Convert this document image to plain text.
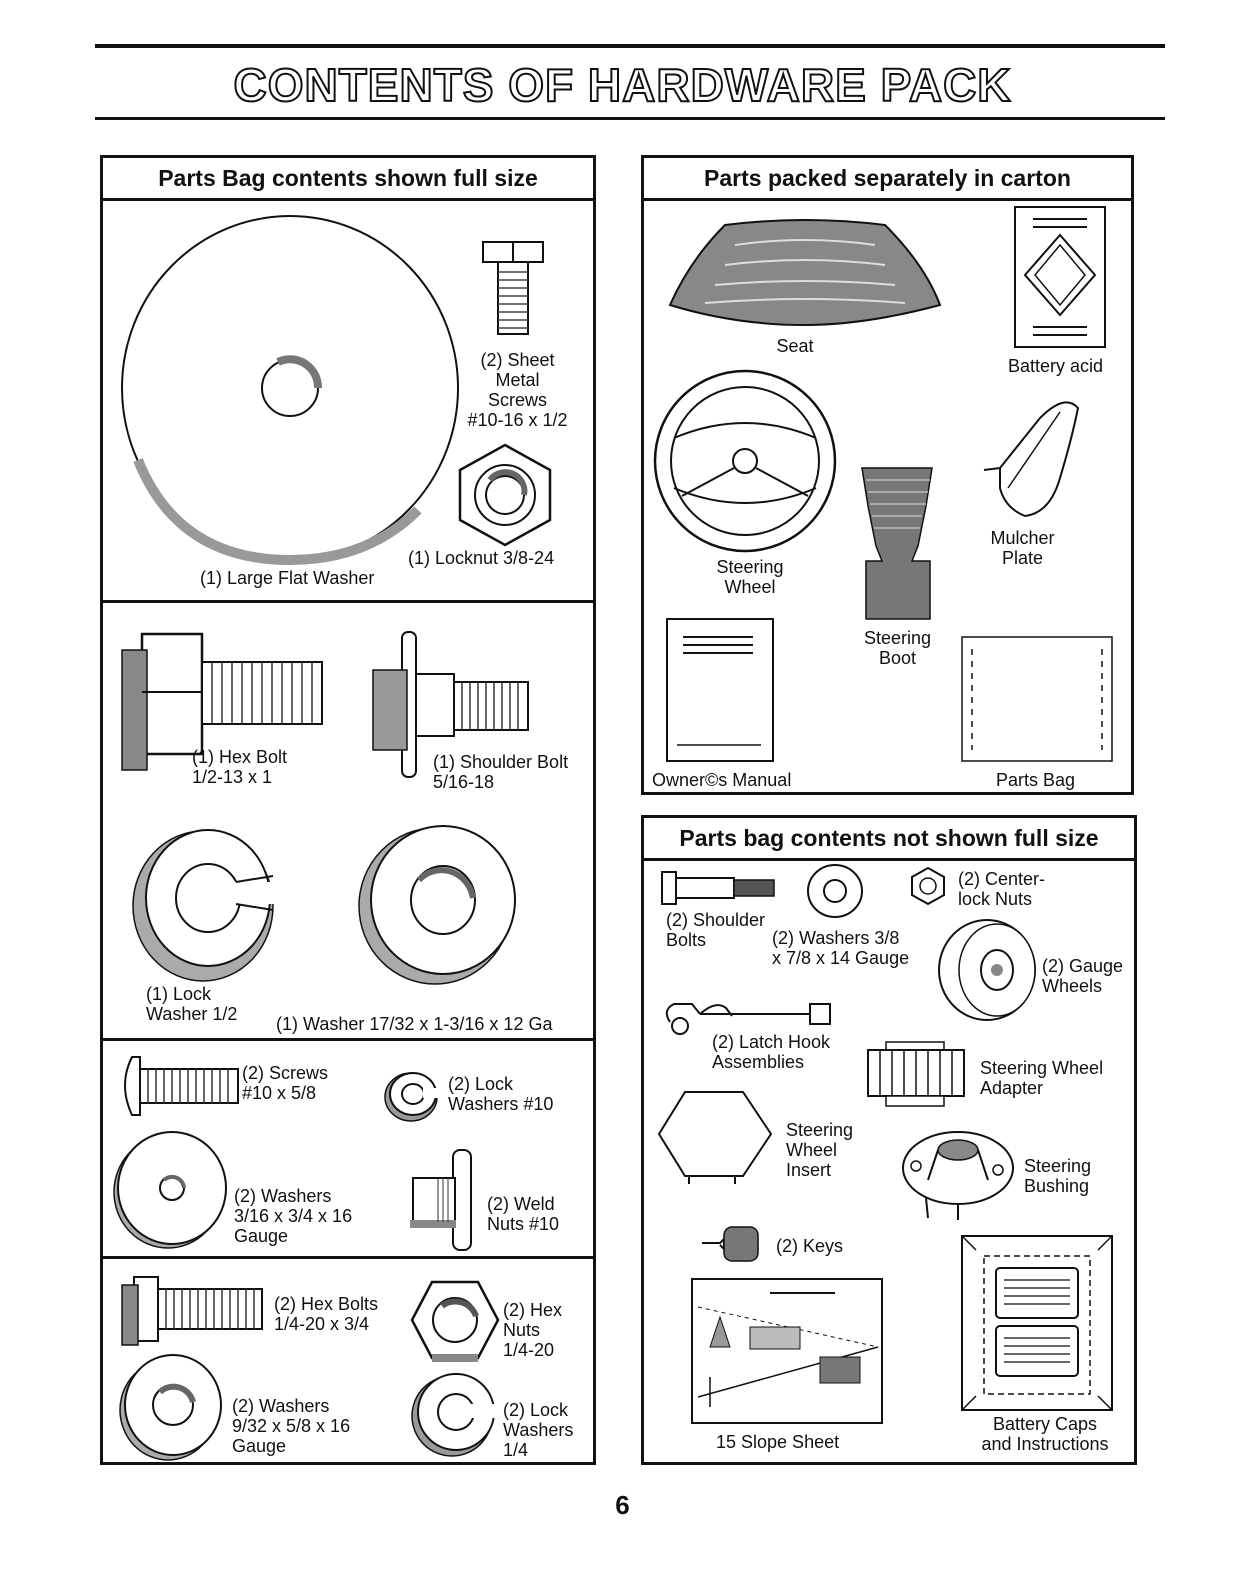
CONTENTS OF HARDWARE PACK
Parts Bag contents shown full size
(2) Sheet
Metal
Screws
#10-16 x 1/2
(1) Locknut 3/8-24
(1) Large Flat Washer
(1) Hex Bolt
1/2-13 x 1
(1) Shoulder Bolt
5/16-18
(1) Lock
Washer 1/2 (1) Washer 17/32 x 1-3/16 x 12 Ga
(2) Screws
#10 x 5/8	(2) Lock
Washers #10
(2) Washers
3/16 x 3/4 x 16
Gauge
(2) Weld
Nuts #10
(2) Hex Bolts
1/4-20 x 3/4
(2) Hex
Nuts
1/4-20
(2) Washers
9/32 x 5/8 x 16
Gauge
(2) Lock
Washers
1/4
Parts packed separately in carton
Seat
Battery acid
Steering
Wheel
Steering
Boot
Mulcher
Plate
Owner©s Manual	Parts Bag
Parts bag contents not shown full size
(2) Shoulder
Bolts	(2) Washers 3/8
x 7/8 x 14 Gauge
(2) Center-
lock Nuts
(2) Gauge
Wheels
(2) Latch Hook
Assemblies	Steering Wheel
Adapter
Steering
Wheel
Insert	Steering
Bushing
(2) Keys
15 Slope Sheet
Battery Caps
and Instructions
6
